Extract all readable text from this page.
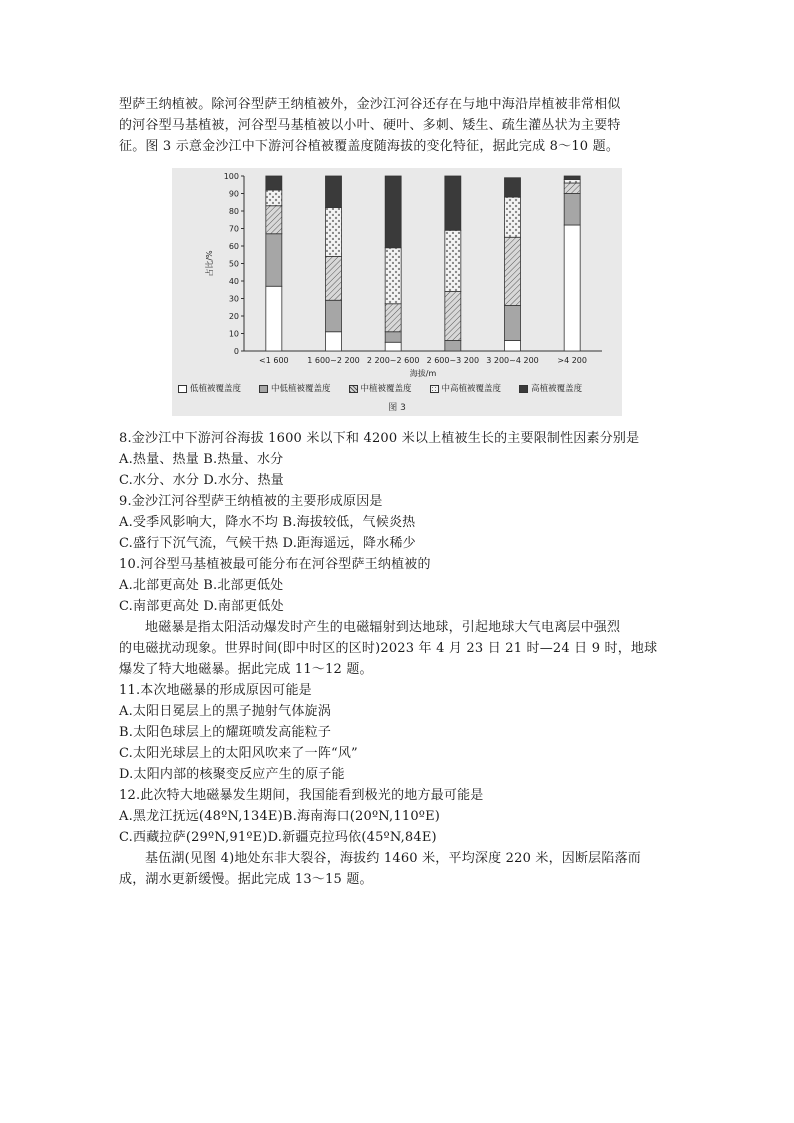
型萨王纳植被。除河谷型萨王纳植被外，金沙江河谷还存在与地中海沿岸植被非常相似
的河谷型马基植被，河谷型马基植被以小叶、硬叶、多刺、矮生、疏生灌丛状为主要特
征。图 3 示意金沙江中下游河谷植被覆盖度随海拔的变化特征，据此完成 8～10 题。
0
10
20
30
40
50
60
70
80
90
100
占比/%
<1 600 1 600~2 200 2 200~2 600 2 600~3 200 3 200~4 200 >4 200
海拔/m
低植被覆盖度	中低植被覆盖度	中植被覆盖度	中高植被覆盖度	高植被覆盖度
图 3
8.金沙江中下游河谷海拔 1600 米以下和 4200 米以上植被生长的主要限制性因素分别是
A.热量、热量 B.热量、水分
C.水分、水分 D.水分、热量
9.金沙江河谷型萨王纳植被的主要形成原因是
A.受季风影响大，降水不均 B.海拔较低，气候炎热
C.盛行下沉气流，气候干热 D.距海遥远，降水稀少
10.河谷型马基植被最可能分布在河谷型萨王纳植被的
A.北部更高处 B.北部更低处
C.南部更高处 D.南部更低处
地磁暴是指太阳活动爆发时产生的电磁辐射到达地球，引起地球大气电离层中强烈
的电磁扰动现象。世界时间(即中时区的区时)2023 年 4 月 23 日 21 时—24 日 9 时，地球
爆发了特大地磁暴。据此完成 11～12 题。
11.本次地磁暴的形成原因可能是
A.太阳日冕层上的黑子抛射气体旋涡
B.太阳色球层上的耀斑喷发高能粒子
C.太阳光球层上的太阳风吹来了一阵“风”
D.太阳内部的核聚变反应产生的原子能
12.此次特大地磁暴发生期间，我国能看到极光的地方最可能是
A.黑龙江抚远(48ºN,134E)B.海南海口(20ºN,110ºE)
C.西藏拉萨(29ºN,91ºE)D.新疆克拉玛依(45ºN,84E)
基伍湖(见图 4)地处东非大裂谷，海拔约 1460 米，平均深度 220 米，因断层陷落而
成，湖水更新缓慢。据此完成 13～15 题。
